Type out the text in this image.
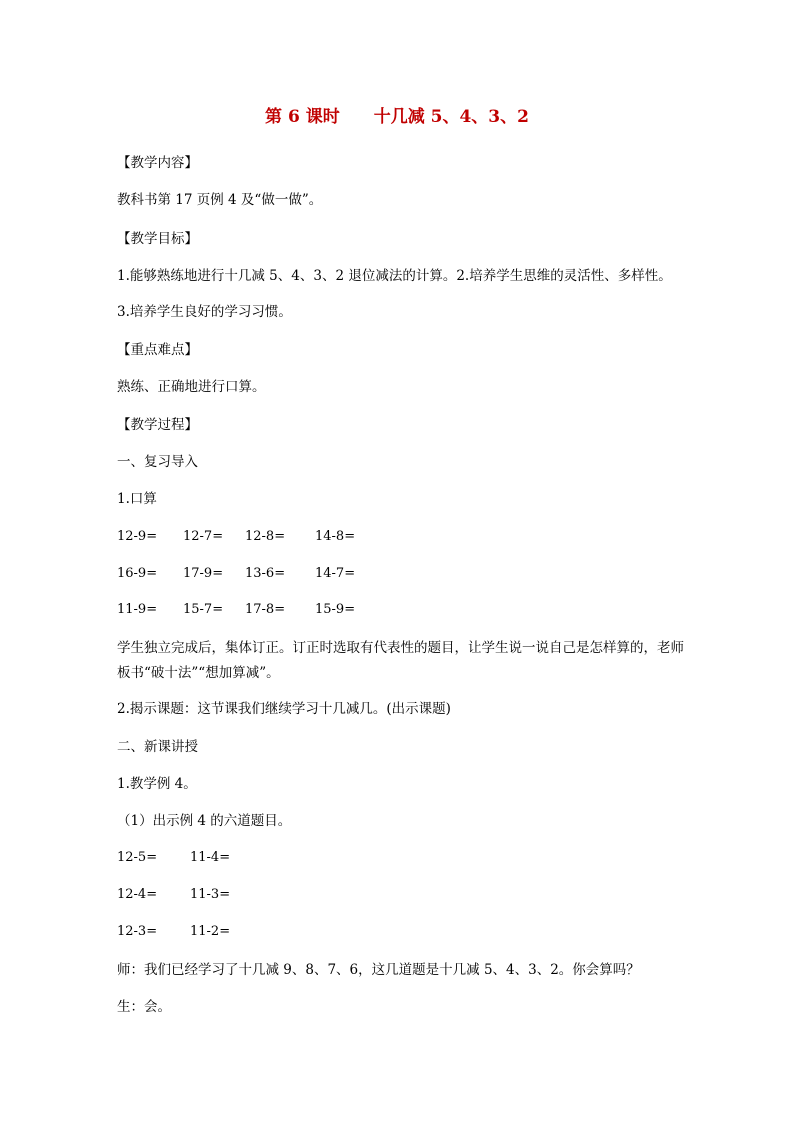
第 6 课时　　十几减 5、4、3、2
【教学内容】
教科书第 17 页例 4 及“做一做”。
【教学目标】
1.能够熟练地进行十几减 5、4、3、2 退位减法的计算。2.培养学生思维的灵活性、多样性。
3.培养学生良好的学习习惯。
【重点难点】
熟练、正确地进行口算。
【教学过程】
一、复习导入
1.口算
12-9= 12-7= 12-8= 14-8=
16-9= 17-9= 13-6= 14-7=
11-9= 15-7= 17-8= 15-9=
学生独立完成后，集体订正。订正时选取有代表性的题目，让学生说一说自己是怎样算的，老师板书“破十法”“想加算减”。
2.揭示课题：这节课我们继续学习十几减几。(出示课题)
二、新课讲授
1.教学例 4。
（1）出示例 4 的六道题目。
12-5=	11-4=
12-4=	11-3=
12-3=	11-2=
师：我们已经学习了十几减 9、8、7、6，这几道题是十几减 5、4、3、2。你会算吗？
生：会。
